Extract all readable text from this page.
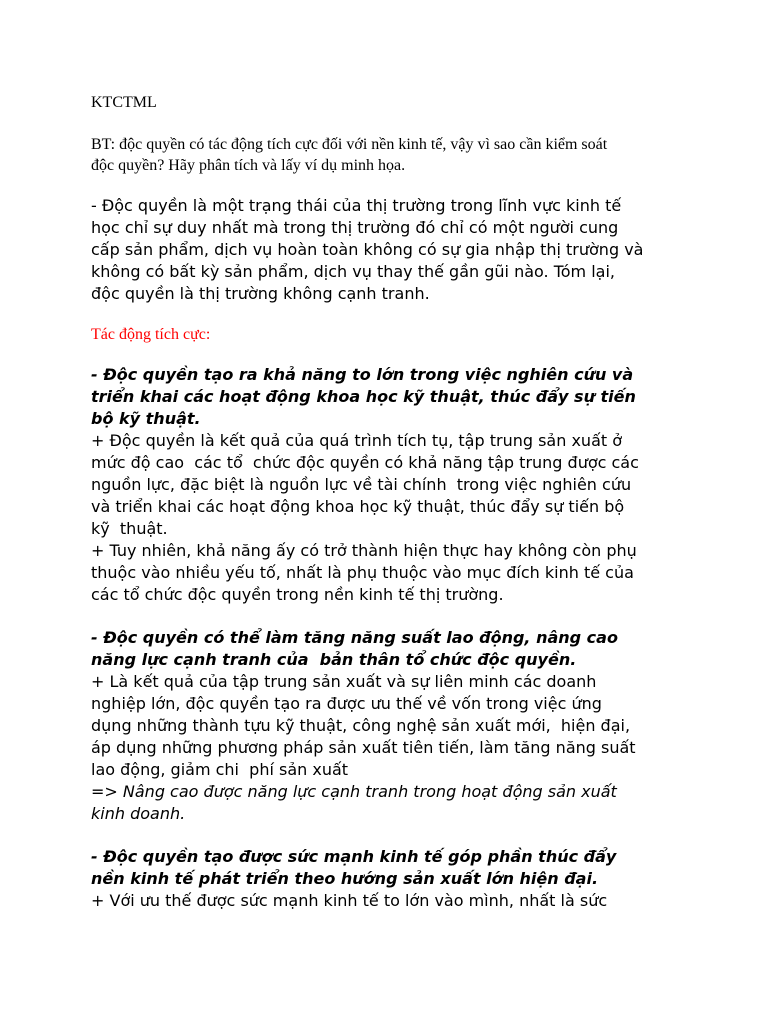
KTCTML

BT: độc quyền có tác động tích cực đối với nền kinh tế, vậy vì sao cần kiểm soát
độc quyền? Hãy phân tích và lấy ví dụ minh họa.

- Độc quyền là một trạng thái của thị trường trong lĩnh vực kinh tế
học chỉ sự duy nhất mà trong thị trường đó chỉ có một người cung
cấp sản phẩm, dịch vụ hoàn toàn không có sự gia nhập thị trường và
không có bất kỳ sản phẩm, dịch vụ thay thế gần gũi nào. Tóm lại,
độc quyền là thị trường không cạnh tranh.

Tác động tích cực:

- Độc quyền tạo ra khả năng to lớn trong việc nghiên cứu và
triển khai các hoạt động khoa học kỹ thuật, thúc đẩy sự tiến
bộ kỹ thuật.
+ Độc quyền là kết quả của quá trình tích tụ, tập trung sản xuất ở
mức độ cao  các tổ  chức độc quyền có khả năng tập trung được các
nguồn lực, đặc biệt là nguồn lực về tài chính  trong việc nghiên cứu
và triển khai các hoạt động khoa học kỹ thuật, thúc đẩy sự tiến bộ
kỹ  thuật.
+ Tuy nhiên, khả năng ấy có trở thành hiện thực hay không còn phụ
thuộc vào nhiều yếu tố, nhất là phụ thuộc vào mục đích kinh tế của
các tổ chức độc quyền trong nền kinh tế thị trường.
- Độc quyền có thể làm tăng năng suất lao động, nâng cao
năng lực cạnh tranh của  bản thân tổ chức độc quyền.
+ Là kết quả của tập trung sản xuất và sự liên minh các doanh
nghiệp lớn, độc quyền tạo ra được ưu thế về vốn trong việc ứng
dụng những thành tựu kỹ thuật, công nghệ sản xuất mới,  hiện đại,
áp dụng những phương pháp sản xuất tiên tiến, làm tăng năng suất
lao động, giảm chi  phí sản xuất
=> Nâng cao được năng lực cạnh tranh trong hoạt động sản xuất
kinh doanh.
- Độc quyền tạo được sức mạnh kinh tế góp phần thúc đẩy
nền kinh tế phát triển theo hướng sản xuất lớn hiện đại.
+ Với ưu thế được sức mạnh kinh tế to lớn vào mình, nhất là sức
